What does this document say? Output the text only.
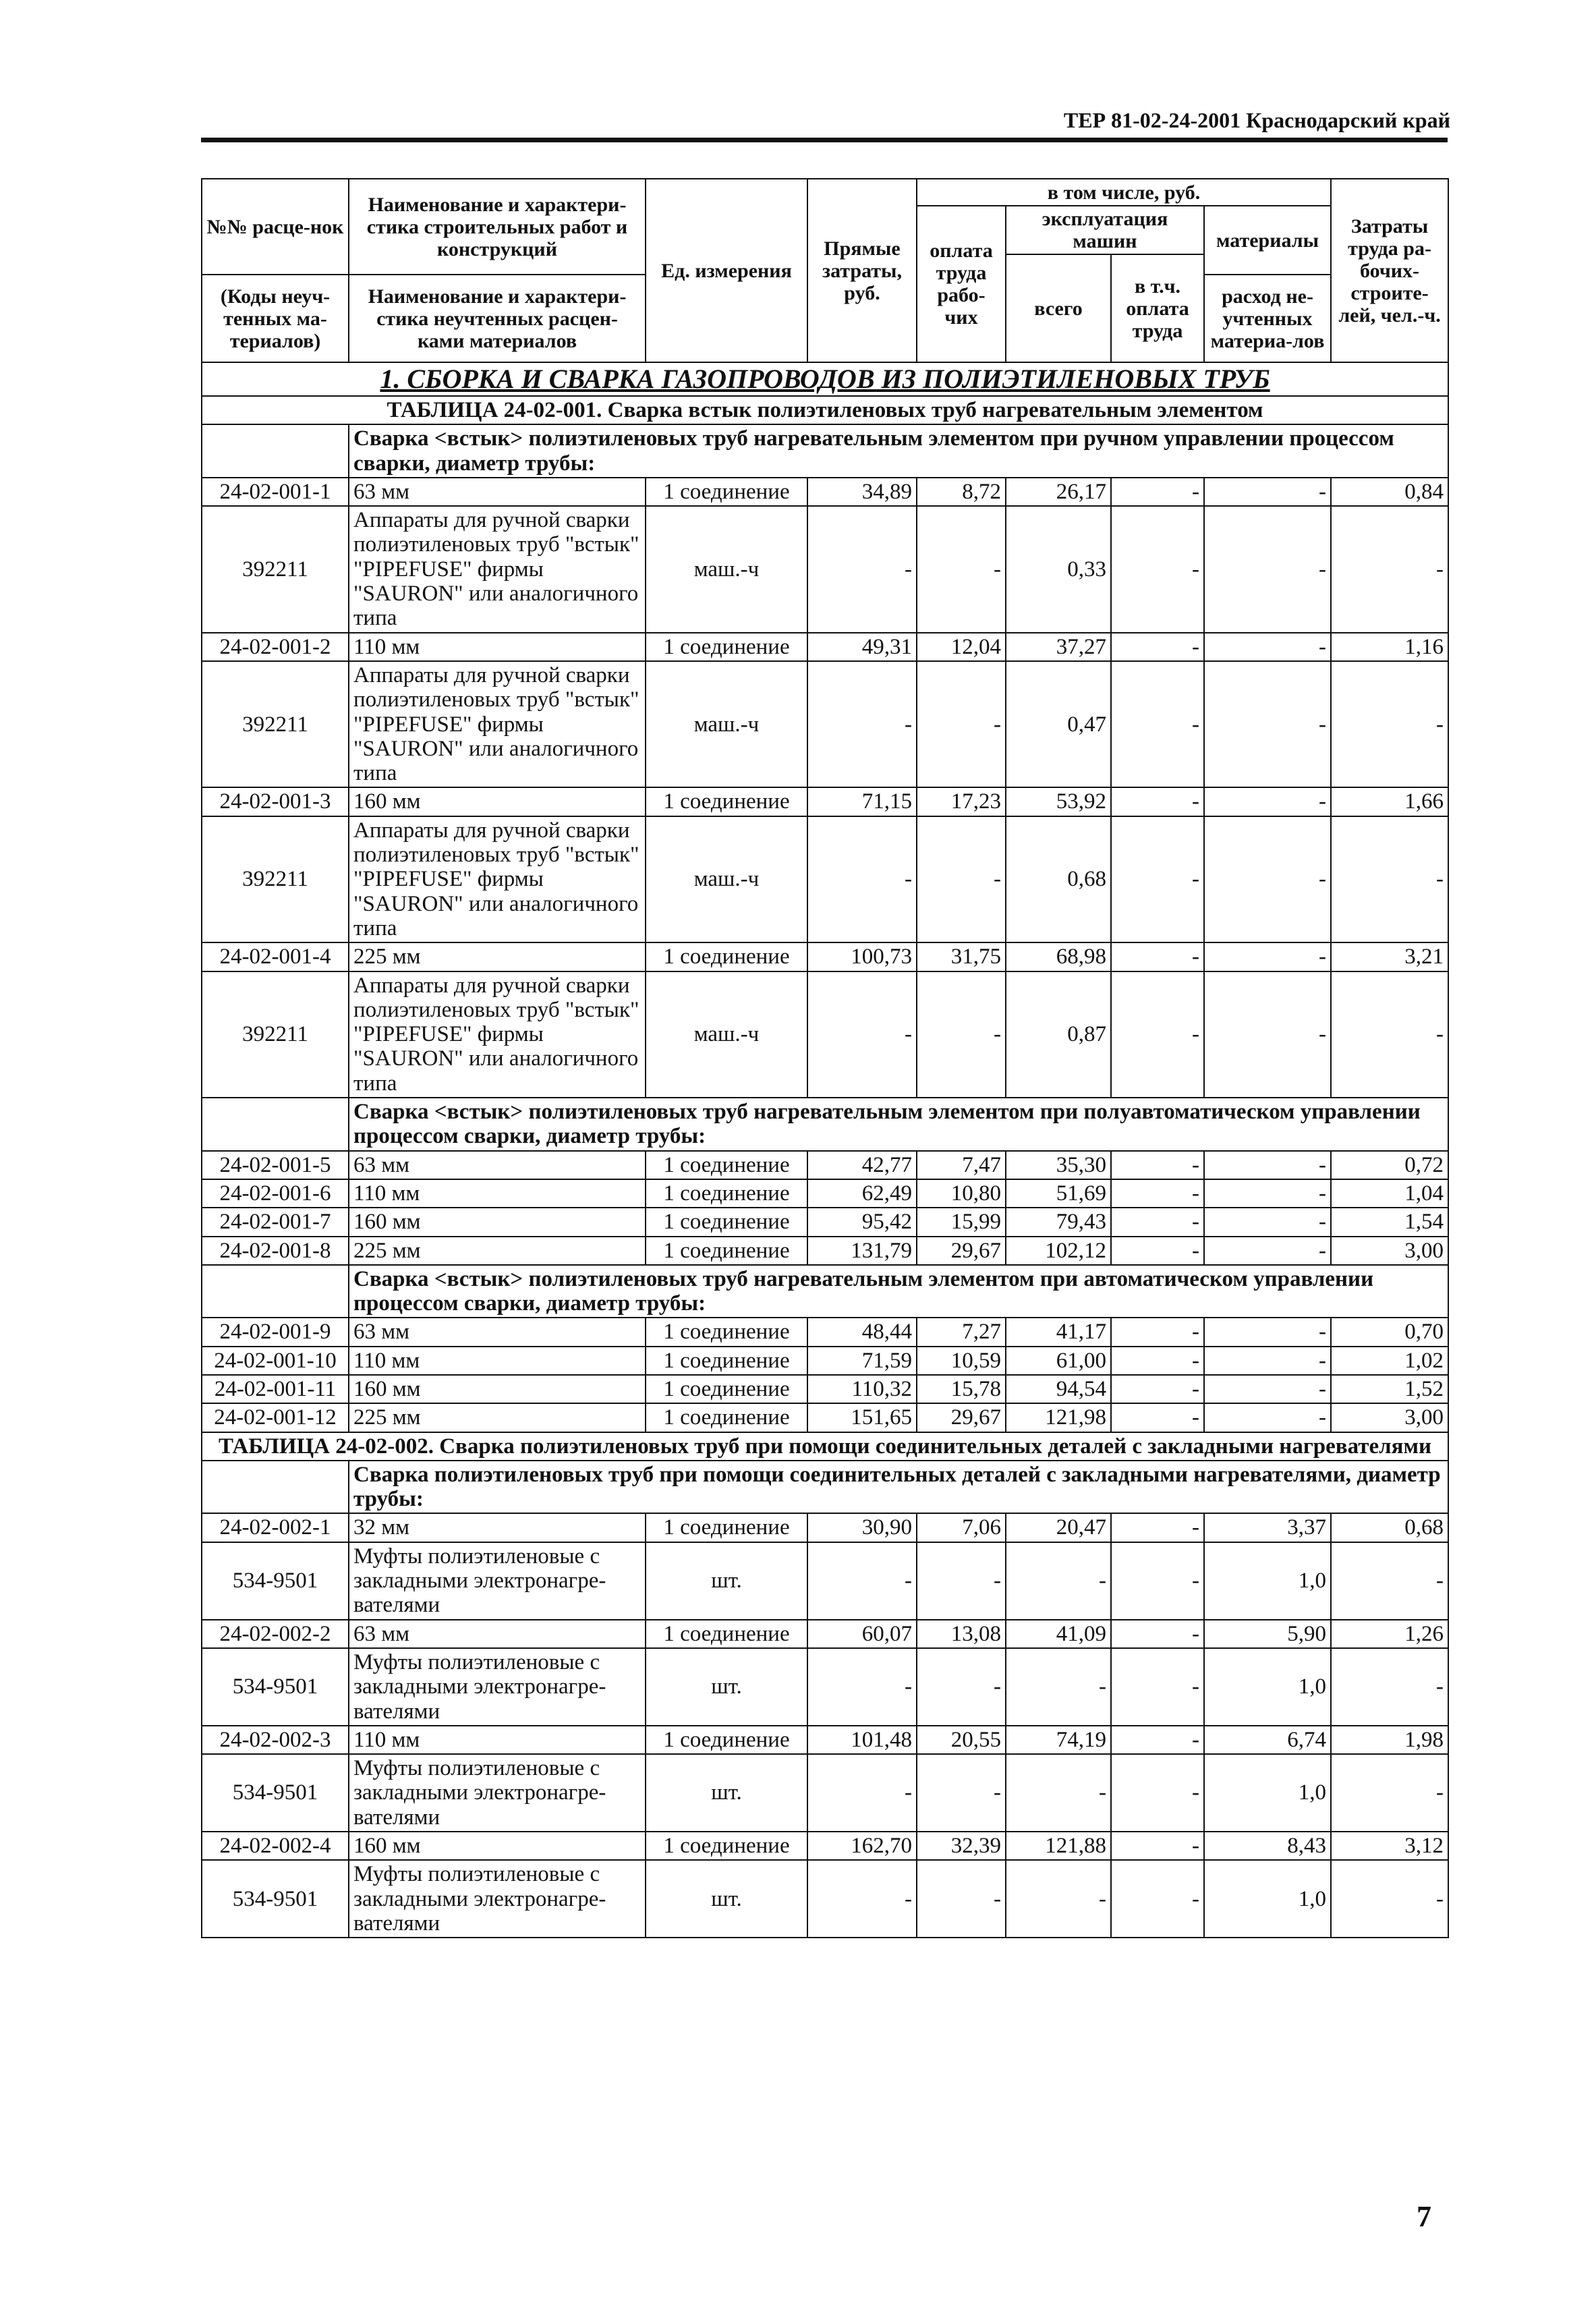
ТЕР 81-02-24-2001 Краснодарский край
№№ расце-нок	Наименование и характери-стика строительных работ и конструкций	Ед. измерения	Прямые затраты, руб.	в том числе, руб.				Затраты труда ра-бочих-строите-лей, чел.-ч.
				оплата труда рабо-чих	эксплуатация машин		материалы	
					всего	в т.ч. оплата труда		
(Коды неуч-тенных ма-териалов)	Наименование и характери-стика неучтенных расцен-ками материалов						расход не-учтенных материа-лов	

1. СБОРКА И СВАРКА ГАЗОПРОВОДОВ ИЗ ПОЛИЭТИЛЕНОВЫХ ТРУБ								
ТАБЛИЦА 24-02-001. Сварка встык полиэтиленовых труб нагревательным элементом								
	Сварка <встык> полиэтиленовых труб нагревательным элементом при ручном управлении процессом сварки, диаметр трубы:							
24-02-001-1	63 мм	1 соединение	34,89	8,72	26,17	-	-	0,84
392211	Аппараты для ручной сварки полиэтиленовых труб "встык" "PIPEFUSE" фирмы "SAURON" или аналогичного типа	маш.-ч	-	-	0,33	-	-	-
24-02-001-2	110 мм	1 соединение	49,31	12,04	37,27	-	-	1,16
392211	Аппараты для ручной сварки полиэтиленовых труб "встык" "PIPEFUSE" фирмы "SAURON" или аналогичного типа	маш.-ч	-	-	0,47	-	-	-
24-02-001-3	160 мм	1 соединение	71,15	17,23	53,92	-	-	1,66
392211	Аппараты для ручной сварки полиэтиленовых труб "встык" "PIPEFUSE" фирмы "SAURON" или аналогичного типа	маш.-ч	-	-	0,68	-	-	-
24-02-001-4	225 мм	1 соединение	100,73	31,75	68,98	-	-	3,21
392211	Аппараты для ручной сварки полиэтиленовых труб "встык" "PIPEFUSE" фирмы "SAURON" или аналогичного типа	маш.-ч	-	-	0,87	-	-	-
	Сварка <встык> полиэтиленовых труб нагревательным элементом при полуавтоматическом управлении процессом сварки, диаметр трубы:							
24-02-001-5	63 мм	1 соединение	42,77	7,47	35,30	-	-	0,72
24-02-001-6	110 мм	1 соединение	62,49	10,80	51,69	-	-	1,04
24-02-001-7	160 мм	1 соединение	95,42	15,99	79,43	-	-	1,54
24-02-001-8	225 мм	1 соединение	131,79	29,67	102,12	-	-	3,00
	Сварка <встык> полиэтиленовых труб нагревательным элементом при автоматическом управлении процессом сварки, диаметр трубы:							
24-02-001-9	63 мм	1 соединение	48,44	7,27	41,17	-	-	0,70
24-02-001-10	110 мм	1 соединение	71,59	10,59	61,00	-	-	1,02
24-02-001-11	160 мм	1 соединение	110,32	15,78	94,54	-	-	1,52
24-02-001-12	225 мм	1 соединение	151,65	29,67	121,98	-	-	3,00
ТАБЛИЦА 24-02-002. Сварка полиэтиленовых труб при помощи соединительных деталей с закладными нагревателями								
	Сварка полиэтиленовых труб при помощи соединительных деталей с закладными нагревателями, диаметр трубы:							
24-02-002-1	32 мм	1 соединение	30,90	7,06	20,47	-	3,37	0,68
534-9501	Муфты полиэтиленовые с закладными электронагре-вателями	шт.	-	-	-	-	1,0	-
24-02-002-2	63 мм	1 соединение	60,07	13,08	41,09	-	5,90	1,26
534-9501	Муфты полиэтиленовые с закладными электронагре-вателями	шт.	-	-	-	-	1,0	-
24-02-002-3	110 мм	1 соединение	101,48	20,55	74,19	-	6,74	1,98
534-9501	Муфты полиэтиленовые с закладными электронагре-вателями	шт.	-	-	-	-	1,0	-
24-02-002-4	160 мм	1 соединение	162,70	32,39	121,88	-	8,43	3,12
534-9501	Муфты полиэтиленовые с закладными электронагре-вателями	шт.	-	-	-	-	1,0	-
7
